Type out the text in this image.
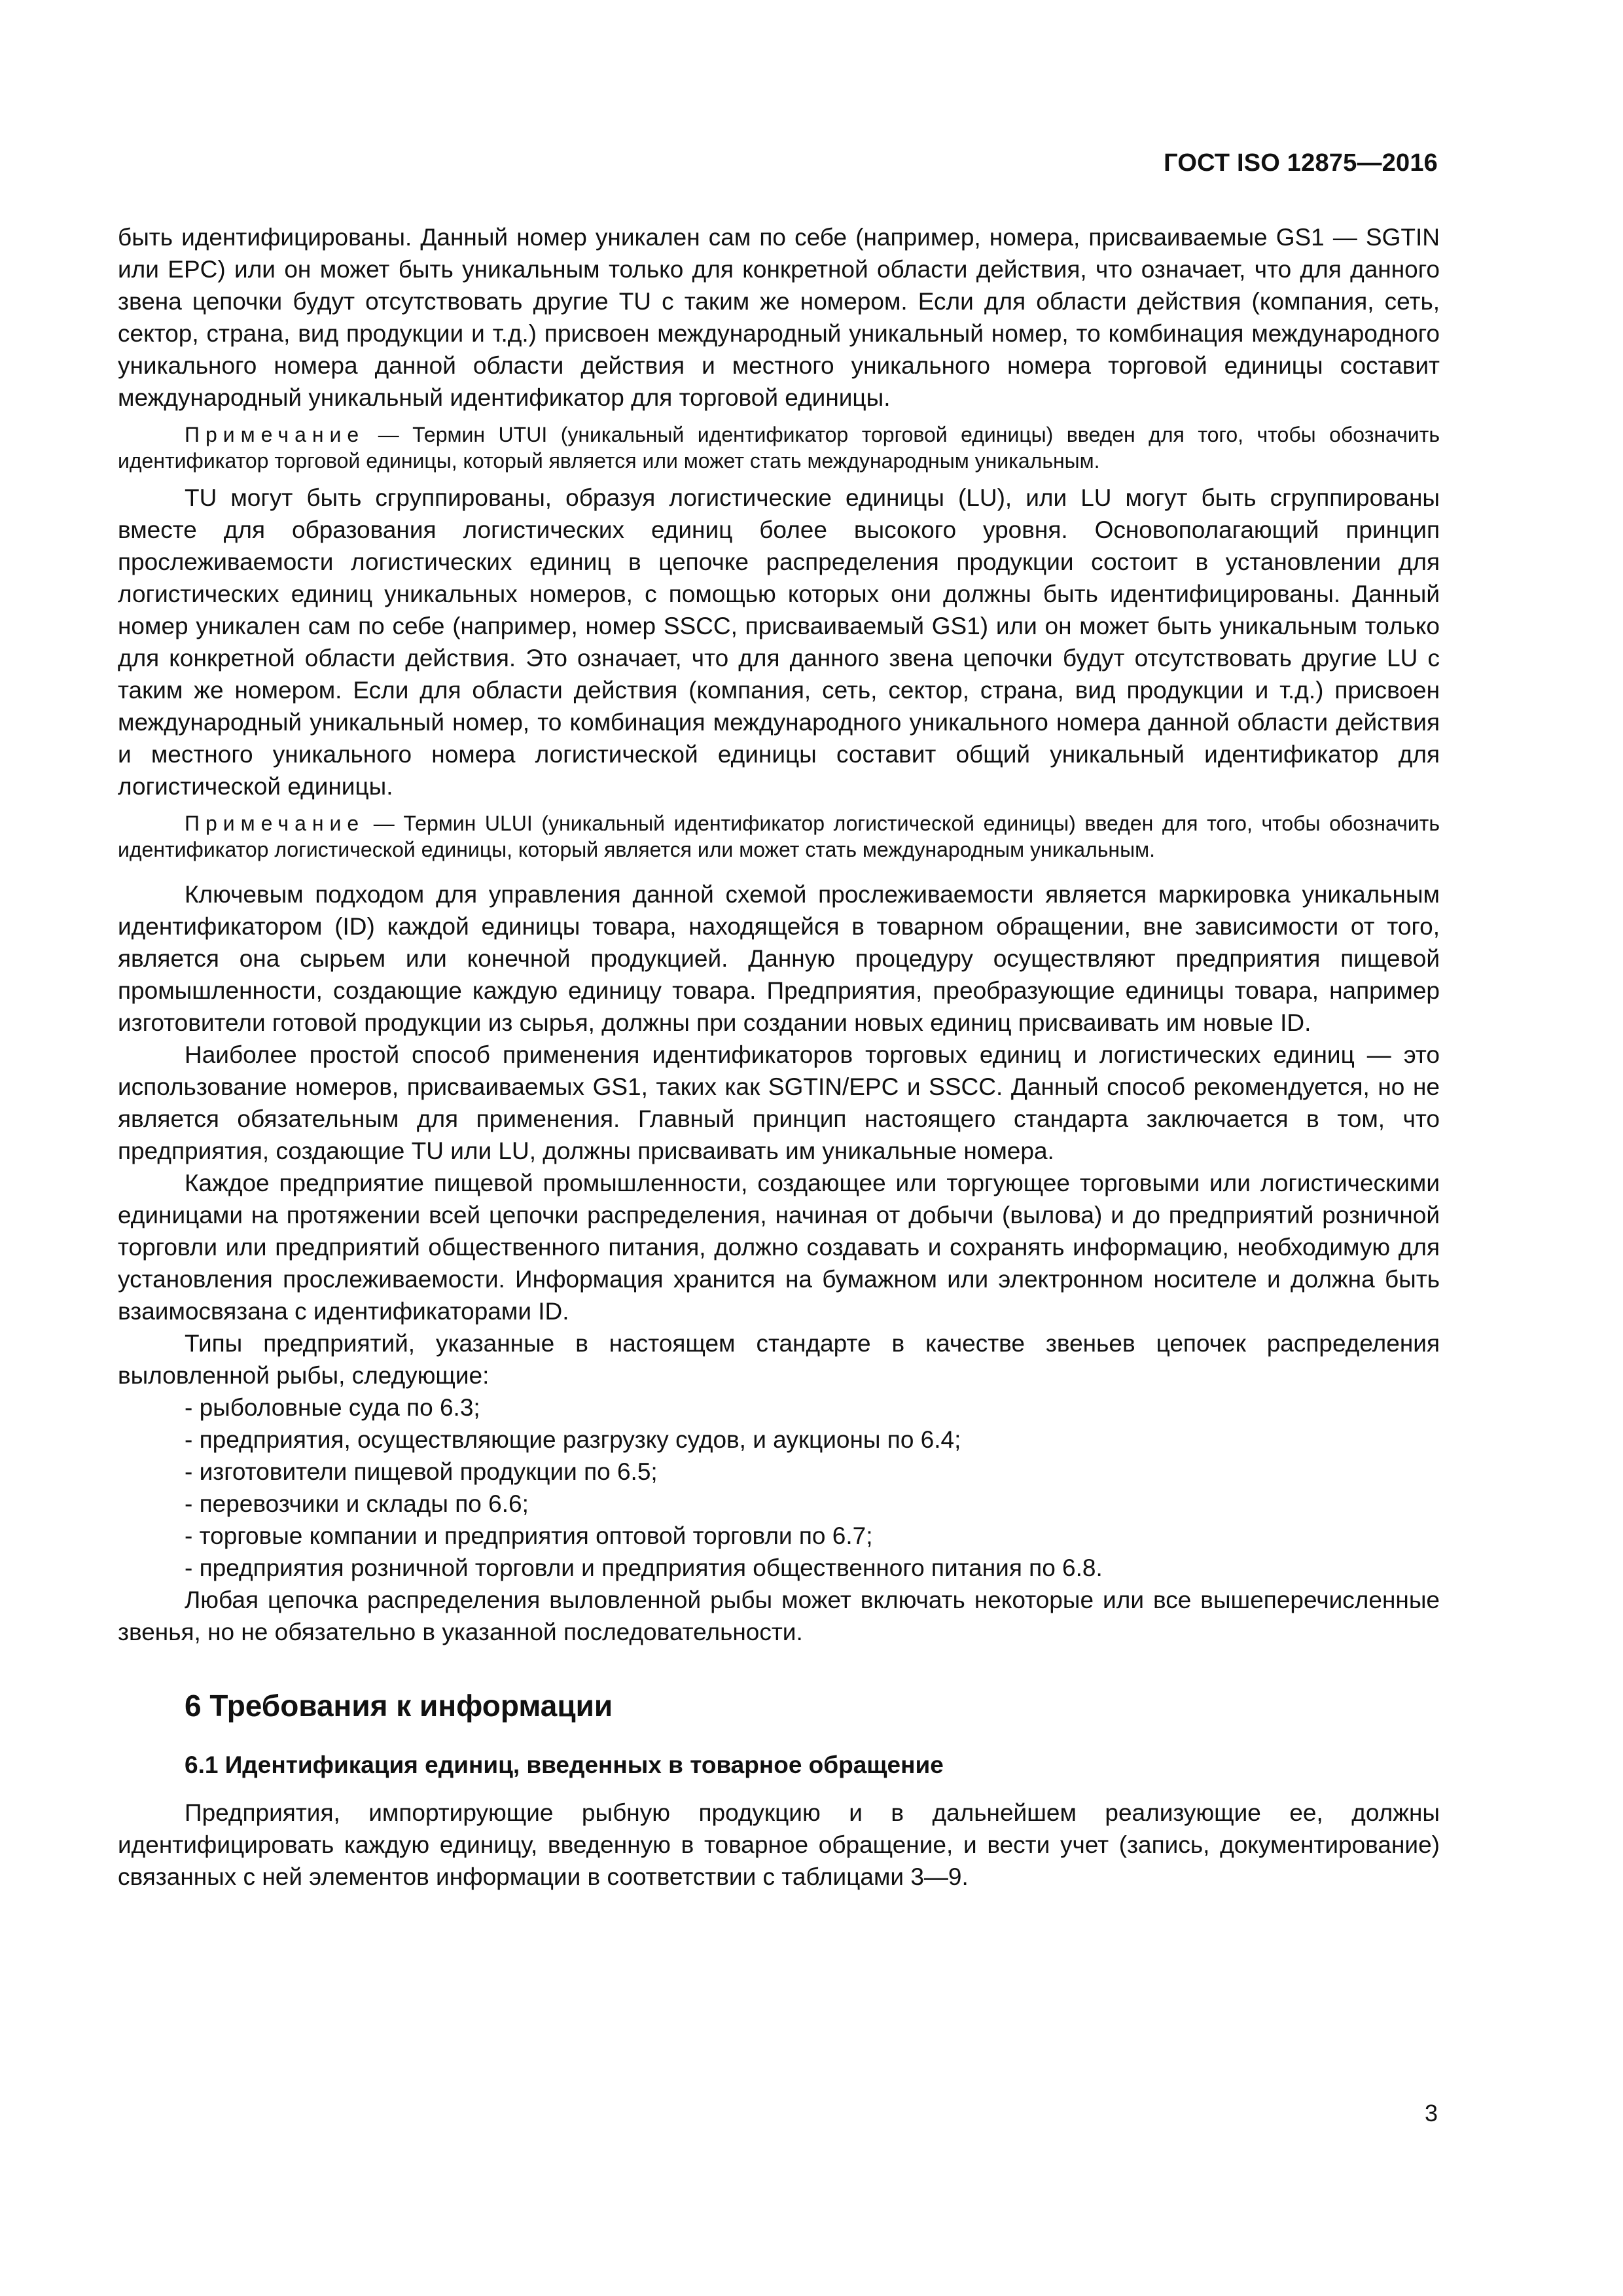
ГОСТ ISO 12875—2016

быть идентифицированы. Данный номер уникален сам по себе (например, номера, присваиваемые GS1 — SGTIN или EPC) или он может быть уникальным только для конкретной области действия, что означает, что для данного звена цепочки будут отсутствовать другие TU с таким же номером. Если для области действия (компания, сеть, сектор, страна, вид продукции и т.д.) присвоен международный уникальный номер, то комбинация международного уникального номера данной области действия и местного уникального номера торговой единицы составит международный уникальный идентификатор для торговой единицы.

Примечание — Термин UTUI (уникальный идентификатор торговой единицы) введен для того, чтобы обозначить идентификатор торговой единицы, который является или может стать международным уникальным.

TU могут быть сгруппированы, образуя логистические единицы (LU), или LU могут быть сгруппированы вместе для образования логистических единиц более высокого уровня. Основополагающий принцип прослеживаемости логистических единиц в цепочке распределения продукции состоит в установлении для логистических единиц уникальных номеров, с помощью которых они должны быть идентифицированы. Данный номер уникален сам по себе (например, номер SSCC, присваиваемый GS1) или он может быть уникальным только для конкретной области действия. Это означает, что для данного звена цепочки будут отсутствовать другие LU с таким же номером. Если для области действия (компания, сеть, сектор, страна, вид продукции и т.д.) присвоен международный уникальный номер, то комбинация международного уникального номера данной области действия и местного уникального номера логистической единицы составит общий уникальный идентификатор для логистической единицы.

Примечание — Термин ULUI (уникальный идентификатор логистической единицы) введен для того, чтобы обозначить идентификатор логистической единицы, который является или может стать международным уникальным.

Ключевым подходом для управления данной схемой прослеживаемости является маркировка уникальным идентификатором (ID) каждой единицы товара, находящейся в товарном обращении, вне зависимости от того, является она сырьем или конечной продукцией. Данную процедуру осуществляют предприятия пищевой промышленности, создающие каждую единицу товара. Предприятия, преобразующие единицы товара, например изготовители готовой продукции из сырья, должны при создании новых единиц присваивать им новые ID.

Наиболее простой способ применения идентификаторов торговых единиц и логистических единиц — это использование номеров, присваиваемых GS1, таких как SGTIN/EPC и SSCC. Данный способ рекомендуется, но не является обязательным для применения. Главный принцип настоящего стандарта заключается в том, что предприятия, создающие TU или LU, должны присваивать им уникальные номера.

Каждое предприятие пищевой промышленности, создающее или торгующее торговыми или логистическими единицами на протяжении всей цепочки распределения, начиная от добычи (вылова) и до предприятий розничной торговли или предприятий общественного питания, должно создавать и сохранять информацию, необходимую для установления прослеживаемости. Информация хранится на бумажном или электронном носителе и должна быть взаимосвязана с идентификаторами ID.

Типы предприятий, указанные в настоящем стандарте в качестве звеньев цепочек распределения выловленной рыбы, следующие:

- рыболовные суда по 6.3;
- предприятия, осуществляющие разгрузку судов, и аукционы по 6.4;
- изготовители пищевой продукции по 6.5;
- перевозчики и склады по 6.6;
- торговые компании и предприятия оптовой торговли по 6.7;
- предприятия розничной торговли и предприятия общественного питания по 6.8.

Любая цепочка распределения выловленной рыбы может включать некоторые или все вышеперечисленные звенья, но не обязательно в указанной последовательности.

6 Требования к информации
6.1 Идентификация единиц, введенных в товарное обращение

Предприятия, импортирующие рыбную продукцию и в дальнейшем реализующие ее, должны идентифицировать каждую единицу, введенную в товарное обращение, и вести учет (запись, документирование) связанных с ней элементов информации в соответствии с таблицами 3—9.

3
